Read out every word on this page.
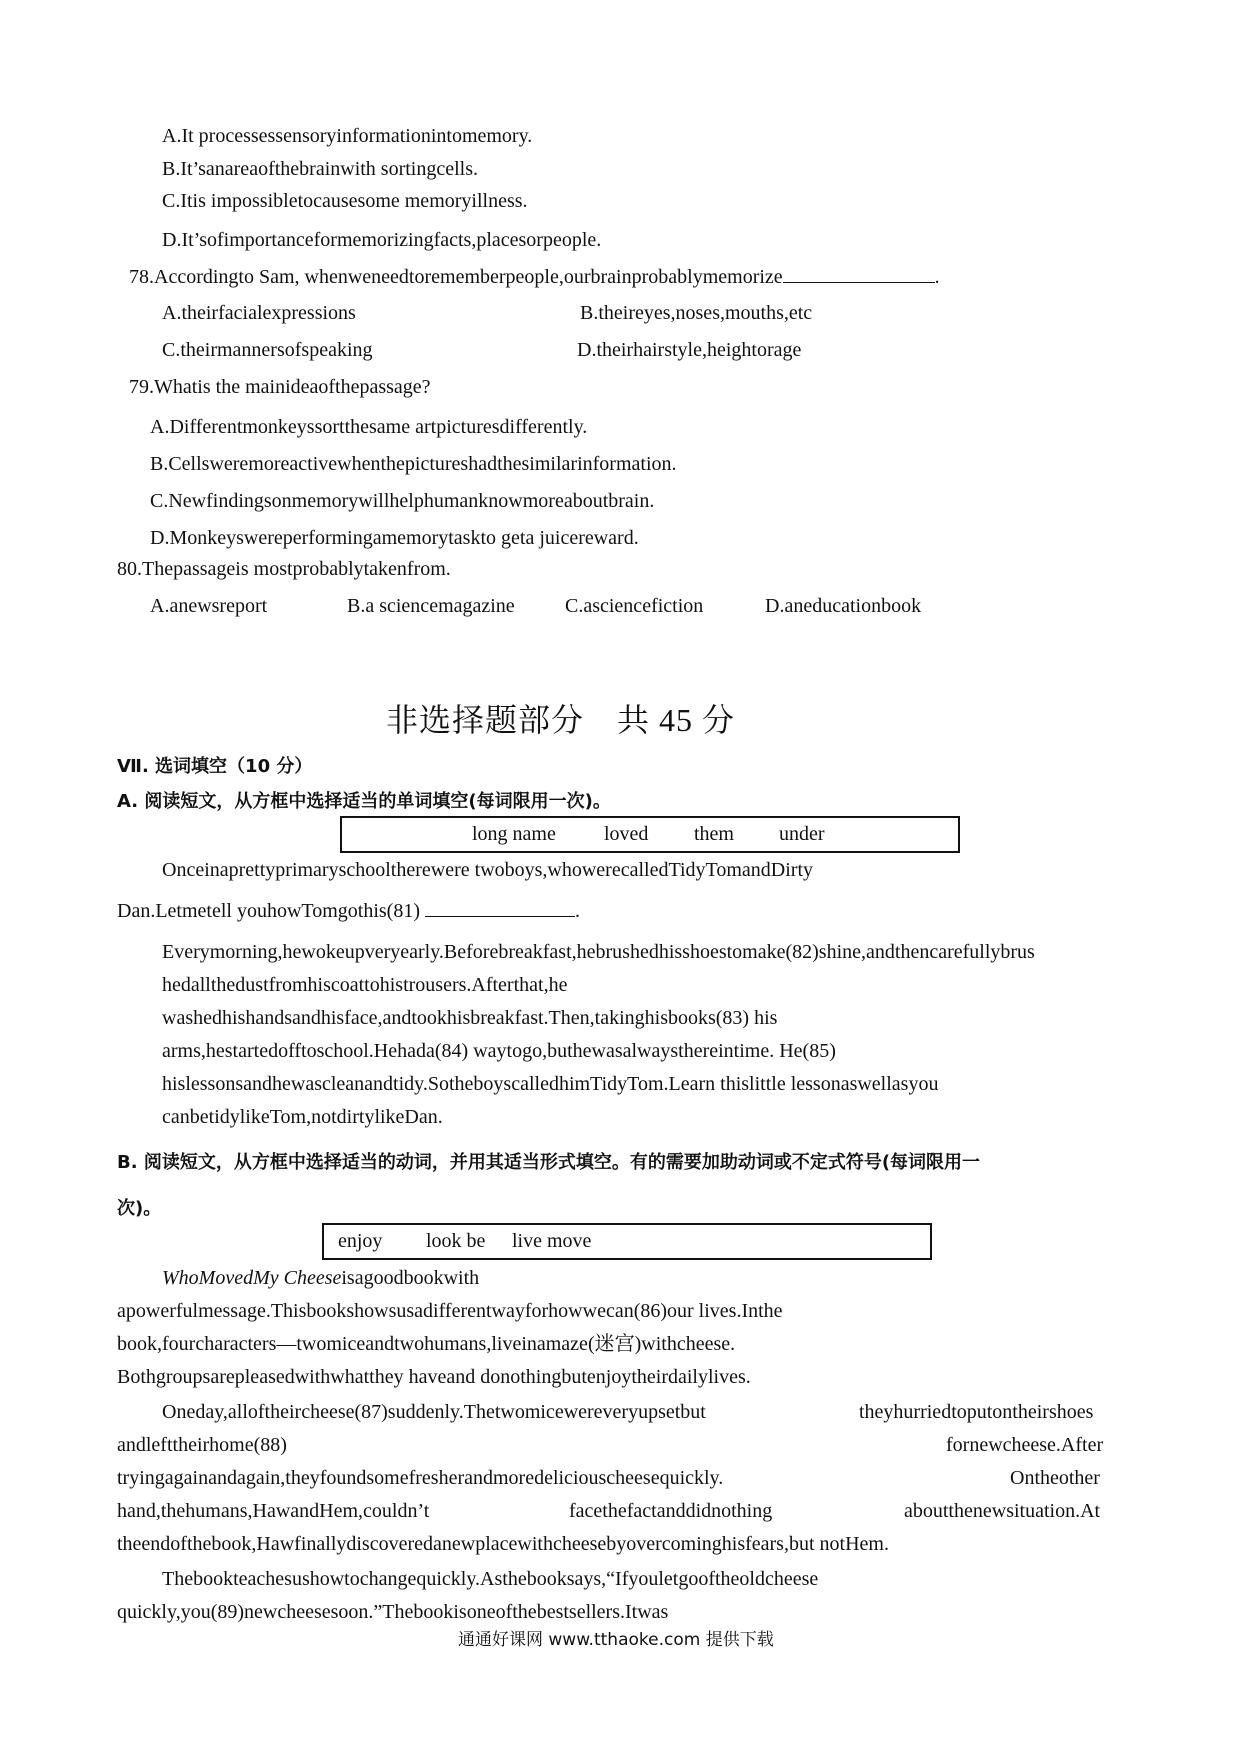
A.It processessensoryinformationintomemory.
B.It’sanareaofthebrainwith sortingcells.
C.Itis impossibletocausesome memoryillness.
D.It’sofimportanceformemorizingfacts,placesorpeople.
78.Accordingto Sam, whenweneedtorememberpeople,ourbrainprobablymemorize	.
A.theirfacialexpressions	B.theireyes,noses,mouths,etc
C.theirmannersofspeaking	D.theirhairstyle,heightorage
79.Whatis the mainideaofthepassage?
A.Differentmonkeyssortthesame artpicturesdifferently.
B.Cellsweremoreactivewhenthepictureshadthesimilarinformation.
C.Newfindingsonmemorywillhelphumanknowmoreaboutbrain.
D.Monkeyswereperformingamemorytaskto geta juicereward.
80.Thepassageis mostprobablytakenfrom.
A.anewsreport	B.a sciencemagazine	C.asciencefiction	D.aneducationbook
非选择题部分　共 45 分
Ⅶ. 选词填空（10 分）
A. 阅读短文，从方框中选择适当的单词填空(每词限用一次)。
long name loved them under
Onceinaprettyprimaryschooltherewere twoboys,whowerecalledTidyTomandDirty
Dan.Letmetell youhowTomgothis(81)	.
Everymorning,hewokeupveryearly.Beforebreakfast,hebrushedhisshoestomake(82)shine,andthencarefullybrus
hedallthedustfromhiscoattohistrousers.Afterthat,he
washedhishandsandhisface,andtookhisbreakfast.Then,takinghisbooks(83) his
arms,hestartedofftoschool.Hehada(84) waytogo,buthewasalwaysthereintime. He(85)
hislessonsandhewascleanandtidy.SotheboyscalledhimTidyTom.Learn thislittle lessonaswellasyou
canbetidylikeTom,notdirtylikeDan.
B. 阅读短文，从方框中选择适当的动词，并用其适当形式填空。有的需要加助动词或不定式符号(每词限用一
次)。
enjoy look be live move
WhoMovedMy Cheeseisagoodbookwith
apowerfulmessage.Thisbookshowsusadifferentwayforhowwecan(86)our lives.Inthe
book,fourcharacters—twomiceandtwohumans,liveinamaze(迷宫)withcheese.
Bothgroupsarepleasedwithwhatthey haveand donothingbutenjoytheirdailylives.
Oneday,alloftheircheese(87)suddenly.Thetwomicewereveryupsetbut	theyhurriedtoputontheirshoes
andlefttheirhome(88)	fornewcheese.After
tryingagainandagain,theyfoundsomefresherandmoredeliciouscheesequickly.	Ontheother
hand,thehumans,HawandHem,couldn’t	facethefactanddidnothing	aboutthenewsituation.At
theendofthebook,Hawfinallydiscoveredanewplacewithcheesebyovercominghisfears,but notHem.
Thebookteachesushowtochangequickly.Asthebooksays,“Ifyouletgooftheoldcheese
quickly,you(89)newcheesesoon.”Thebookisoneofthebestsellers.Itwas
通通好课网 www.tthaoke.com 提供下载
